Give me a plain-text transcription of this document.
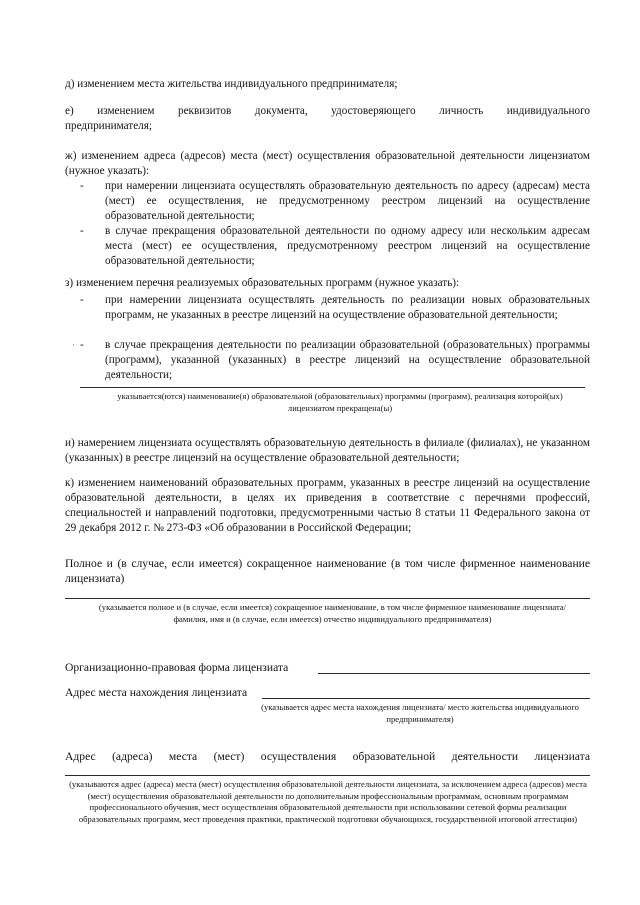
д) изменением места жительства индивидуального предпринимателя;

е) изменением реквизитов документа, удостоверяющего личность индивидуального

предпринимателя;

ж) изменением адреса (адресов) места (мест) осуществления образовательной деятельности лицензиатом (нужное указать):

-	при намерении лицензиата осуществлять образовательную деятельность по адресу (адресам) места (мест) ее осуществления, не предусмотренному реестром лицензий на осуществление образовательной деятельности;
-	в случае прекращения образовательной деятельности по одному адресу или нескольким адресам места (мест) ее осуществления, предусмотренному реестром лицензий на осуществление образовательной деятельности;

з) изменением перечня реализуемых образовательных программ (нужное указать):

-	при намерении лицензиата осуществлять деятельность по реализации новых образовательных программ, не указанных в реестре лицензий на осуществление образовательной деятельности;
-	в случае прекращения деятельности по реализации образовательной (образовательных) программы (программ), указанной (указанных) в реестре лицензий на осуществление образовательной деятельности;
указывается(ются) наименование(я) образовательной (образовательных) программы (программ), реализация которой(ых) лицензиатом прекращена(ы)

и) намерением лицензиата осуществлять образовательную деятельность в филиале (филиалах), не указанном (указанных) в реестре лицензий на осуществление образовательной деятельности;

к) изменением наименований образовательных программ, указанных в реестре лицензий на осуществление образовательной деятельности, в целях их приведения в соответствие с перечнями профессий, специальностей и направлений подготовки, предусмотренными частью 8 статьи 11 Федерального закона от 29 декабря 2012 г. № 273-ФЗ «Об образовании в Российской Федерации;

Полное и (в случае, если имеется) сокращенное наименование (в том числе фирменное наименование лицензиата)

(указывается полное и (в случае, если имеется) сокращенное наименование, в том числе фирменное наименование лицензиата/ фамилия, имя и (в случае, если имеется) отчество индивидуального предпринимателя)

Организационно-правовая форма лицензиата

Адрес места нахождения лицензиата

(указывается адрес места нахождения лицензиата/ место жительства индивидуального предпринимателя)

Адрес (адреса) места (мест) осуществления образовательной деятельности лицензиата

(указываются адрес (адреса) места (мест) осуществления образовательной деятельности лицензиата, за исключением адреса (адресов) места (мест) осуществления образовательной деятельности по дополнительным профессиональным программам, основным программам профессионального обучения, мест осуществления образовательной деятельности при использовании сетевой формы реализации образовательных программ, мест проведения практики, практической подготовки обучающихся, государственной итоговой аттестации)
·
